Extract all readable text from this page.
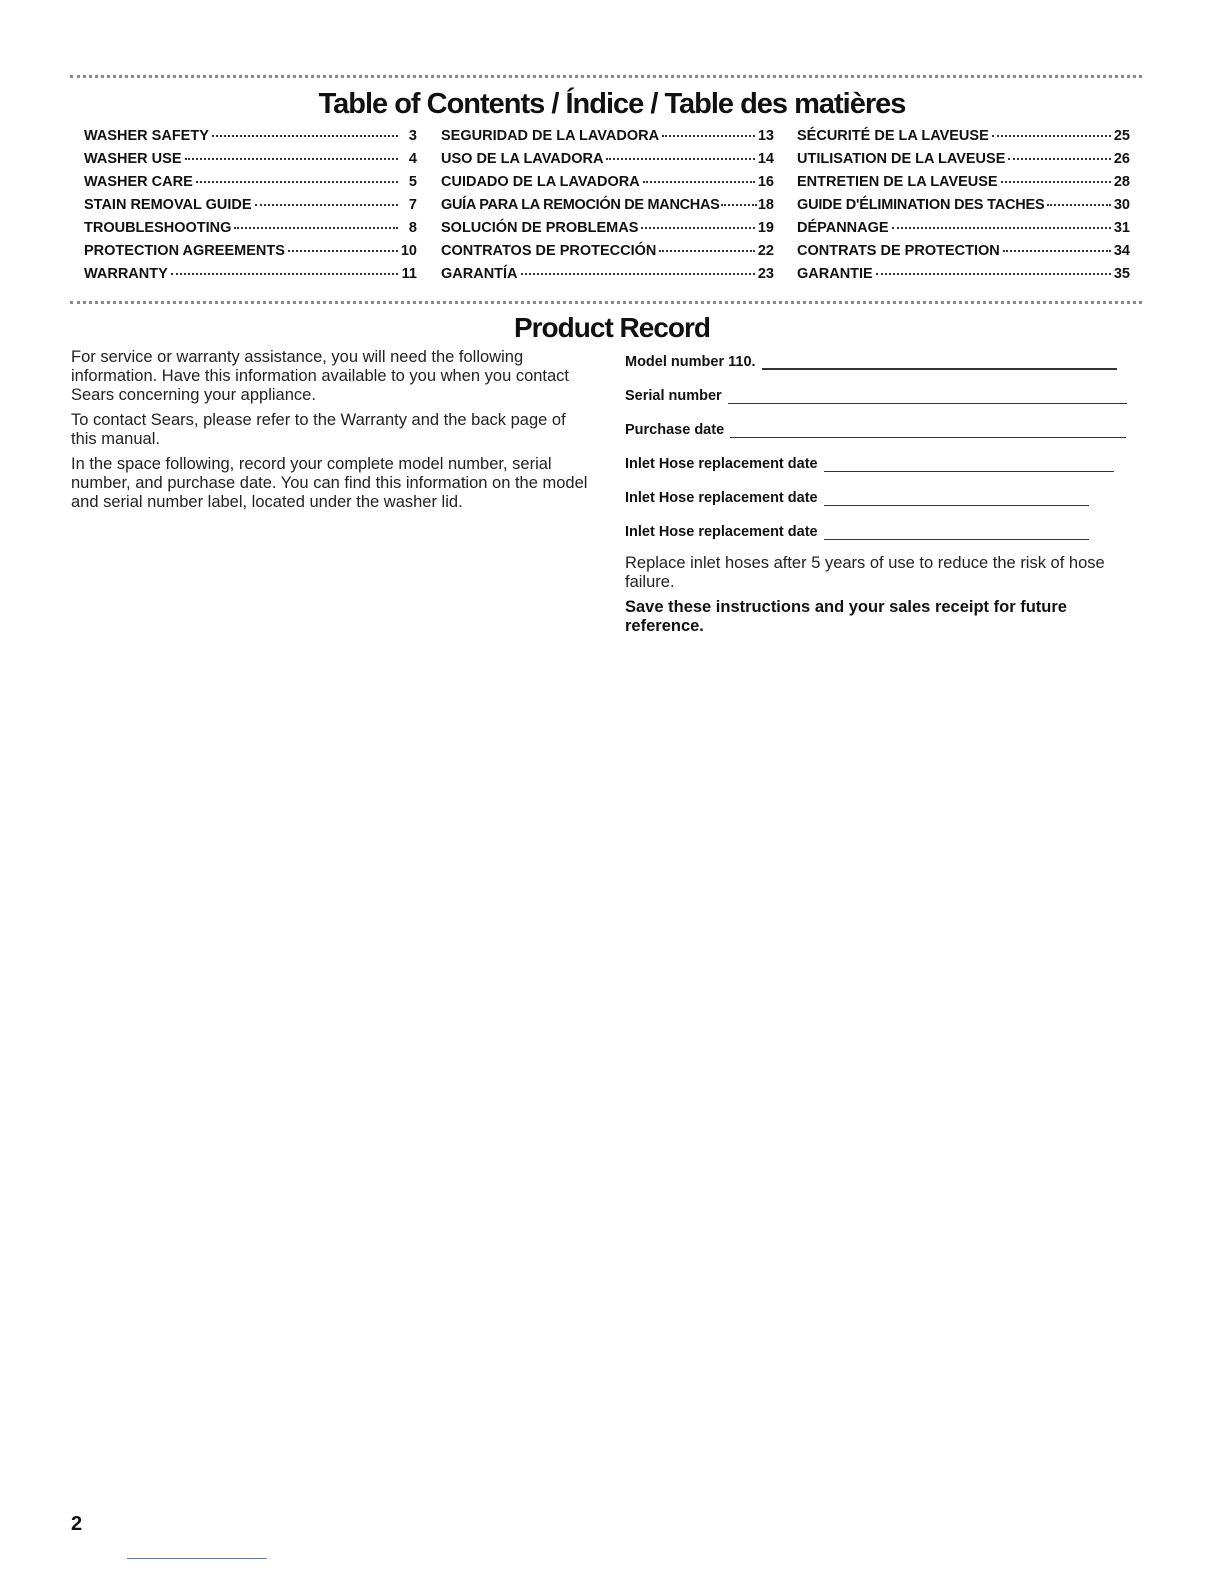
Table of Contents / Índice / Table des matières
WASHER SAFETY	3
WASHER USE	4
WASHER CARE	5
STAIN REMOVAL GUIDE	7
TROUBLESHOOTING	8
PROTECTION AGREEMENTS	10
WARRANTY	11
SEGURIDAD DE LA LAVADORA	13
USO DE LA LAVADORA	14
CUIDADO DE LA LAVADORA	16
GUÍA PARA LA REMOCIÓN DE MANCHAS	18
SOLUCIÓN DE PROBLEMAS	19
CONTRATOS DE PROTECCIÓN	22
GARANTÍA	23
SÉCURITÉ DE LA LAVEUSE	25
UTILISATION DE LA LAVEUSE	26
ENTRETIEN DE LA LAVEUSE	28
GUIDE D'ÉLIMINATION DES TACHES	30
DÉPANNAGE	31
CONTRATS DE PROTECTION	34
GARANTIE	35
Product Record

For service or warranty assistance, you will need the following information. Have this information available to you when you contact Sears concerning your appliance.

To contact Sears, please refer to the Warranty and the back page of this manual.

In the space following, record your complete model number, serial number, and purchase date. You can find this information on the model and serial number label, located under the washer lid.

Model number 110.
Serial number
Purchase date
Inlet Hose replacement date
Inlet Hose replacement date
Inlet Hose replacement date

Replace inlet hoses after 5 years of use to reduce the risk of hose failure.

Save these instructions and your sales receipt for future reference.

2
